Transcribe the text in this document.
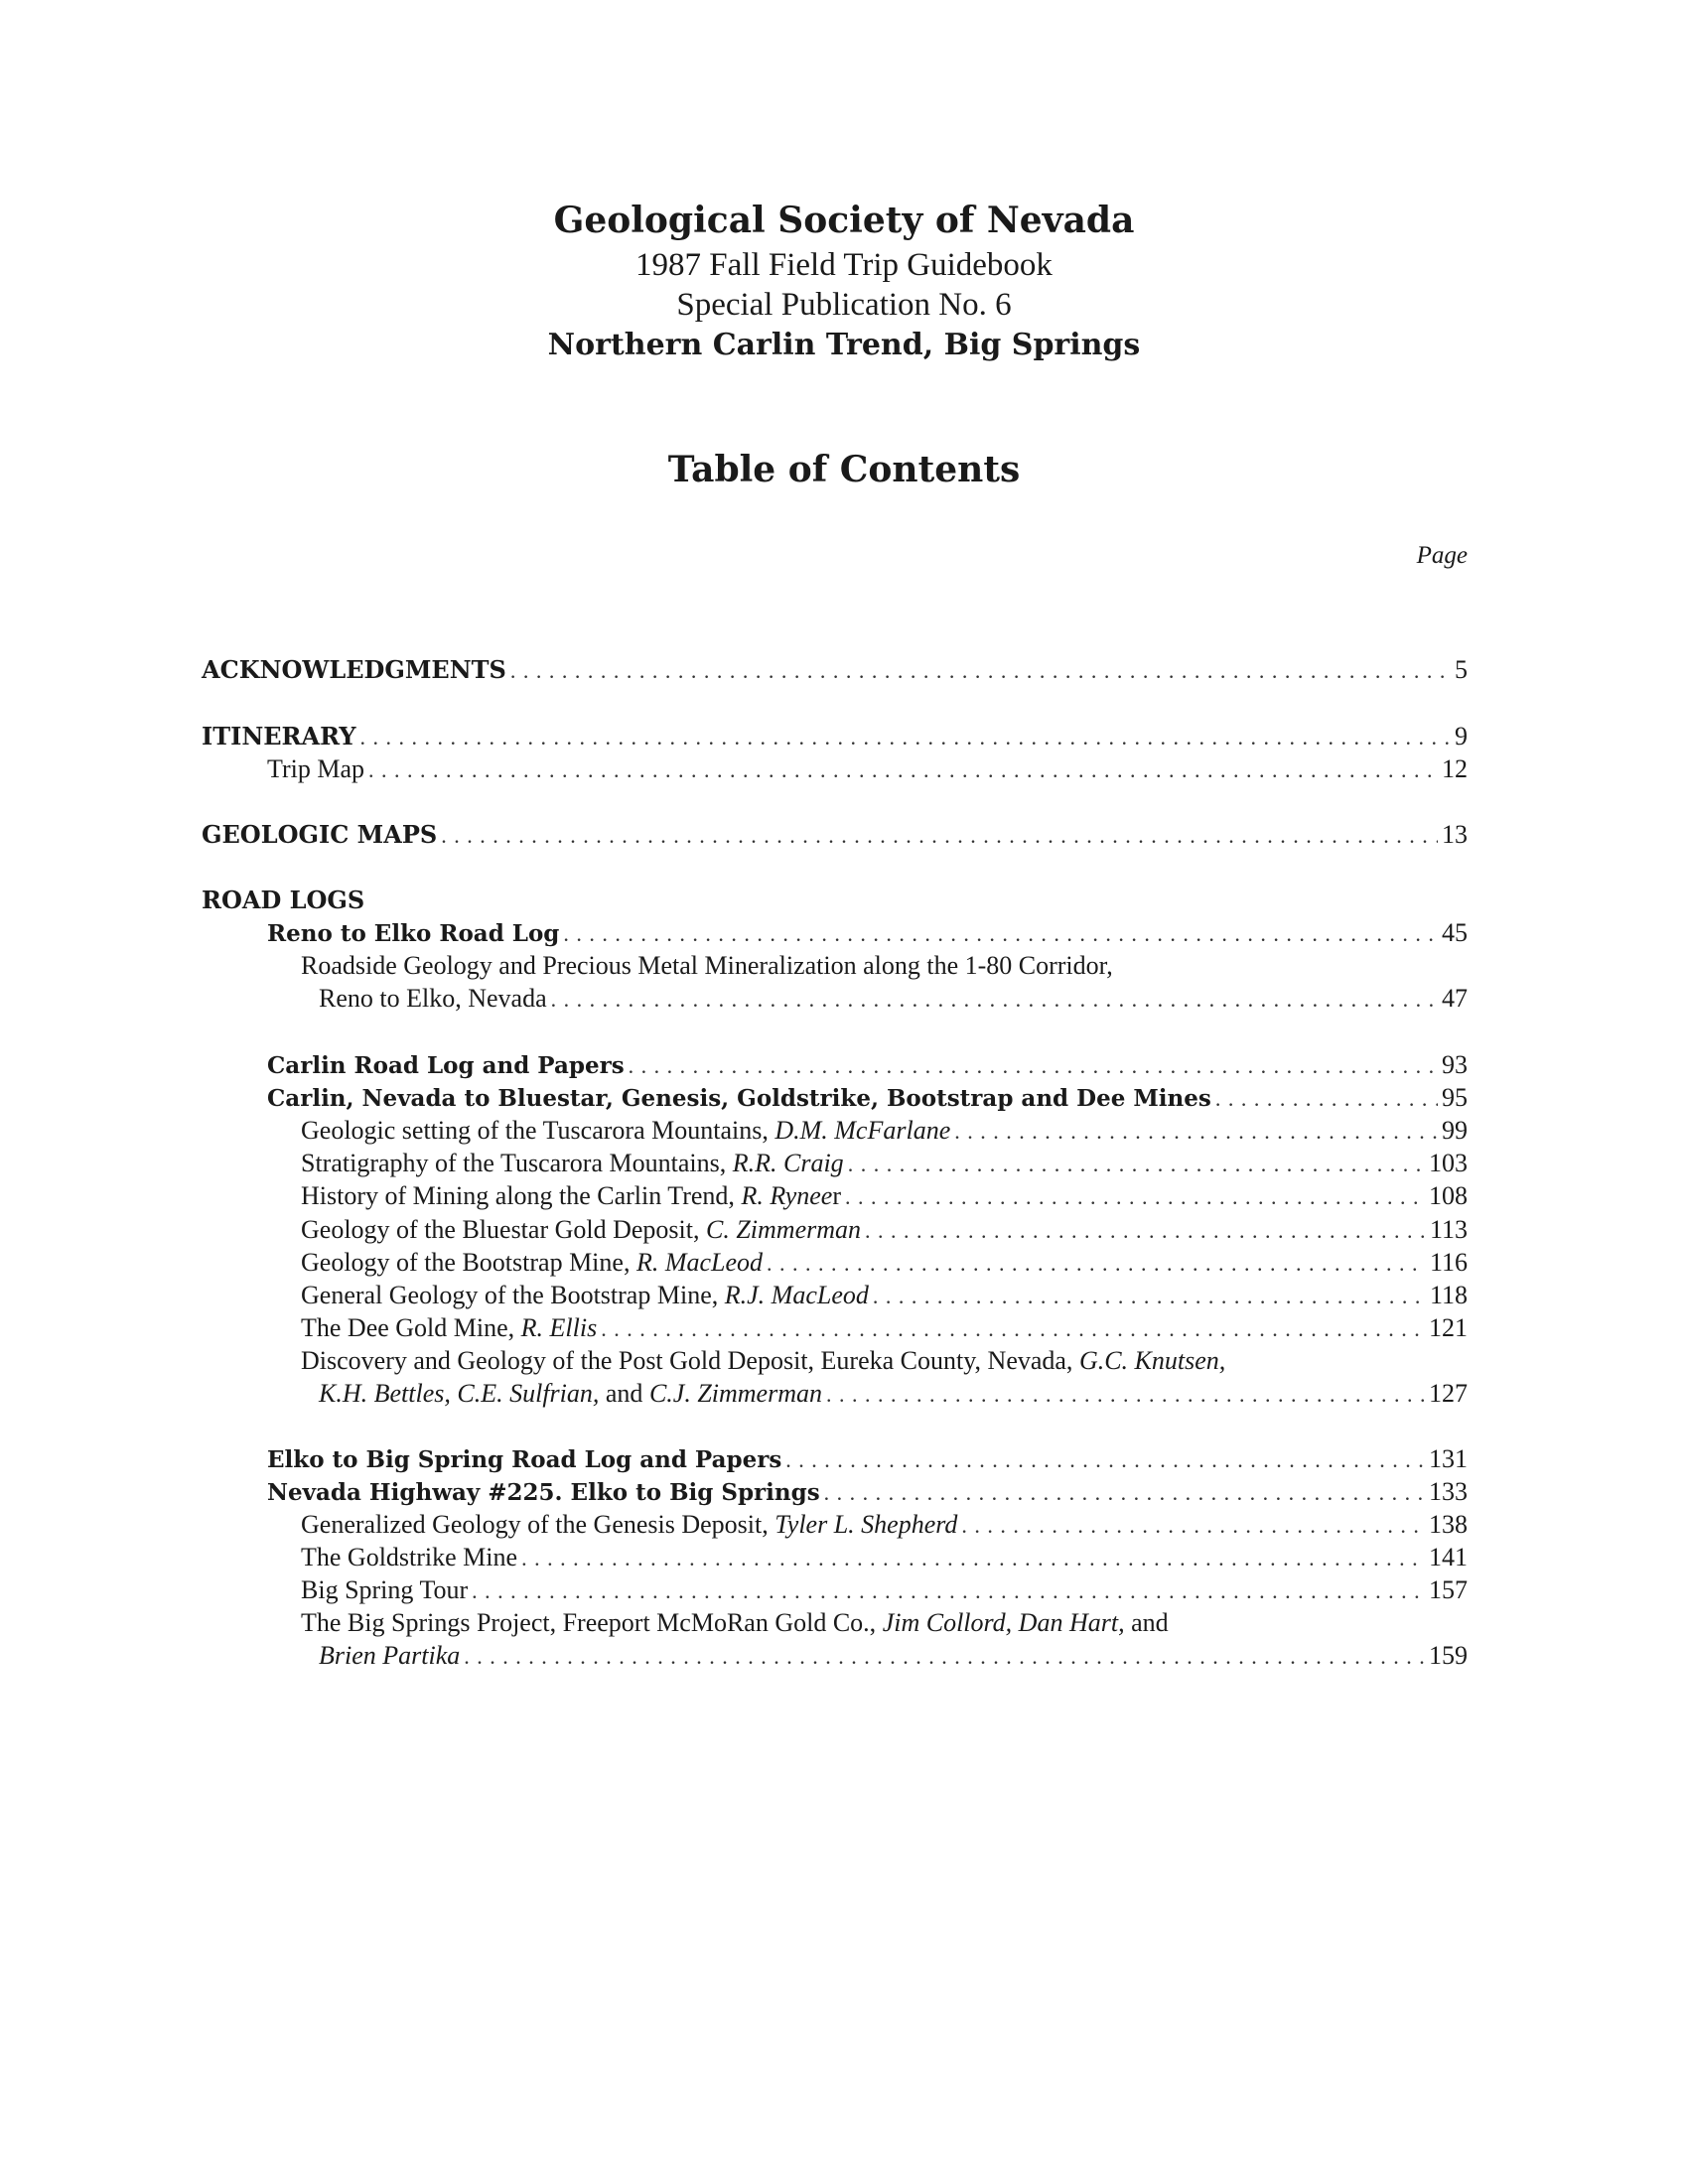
Geological Society of Nevada
1987 Fall Field Trip Guidebook
Special Publication No. 6
Northern Carlin Trend, Big Springs
Table of Contents
Page
ACKNOWLEDGMENTS . . .	5
ITINERARY . . .	9
Trip Map . . .	12
GEOLOGIC MAPS . . .	13
ROAD LOGS
Reno to Elko Road Log . . .	45
Roadside Geology and Precious Metal Mineralization along the 1-80 Corridor,
Reno to Elko, Nevada . . .	47
Carlin Road Log and Papers . . .	93
Carlin, Nevada to Bluestar, Genesis, Goldstrike, Bootstrap and Dee Mines . . .	95
Geologic setting of the Tuscarora Mountains, D.M. McFarlane . . .	99
Stratigraphy of the Tuscarora Mountains, R.R. Craig . . .	103
History of Mining along the Carlin Trend, R. Ryneer . . .	108
Geology of the Bluestar Gold Deposit, C. Zimmerman . . .	113
Geology of the Bootstrap Mine, R. MacLeod . . .	116
General Geology of the Bootstrap Mine, R.J. MacLeod . . .	118
The Dee Gold Mine, R. Ellis . . .	121
Discovery and Geology of the Post Gold Deposit, Eureka County, Nevada, G.C. Knutsen,
K.H. Bettles, C.E. Sulfrian, and C.J. Zimmerman . . .	127
Elko to Big Spring Road Log and Papers . . .	131
Nevada Highway #225. Elko to Big Springs . . .	133
Generalized Geology of the Genesis Deposit, Tyler L. Shepherd . . .	138
The Goldstrike Mine . . .	141
Big Spring Tour . . .	157
The Big Springs Project, Freeport McMoRan Gold Co., Jim Collord, Dan Hart, and
Brien Partika . . .	159
